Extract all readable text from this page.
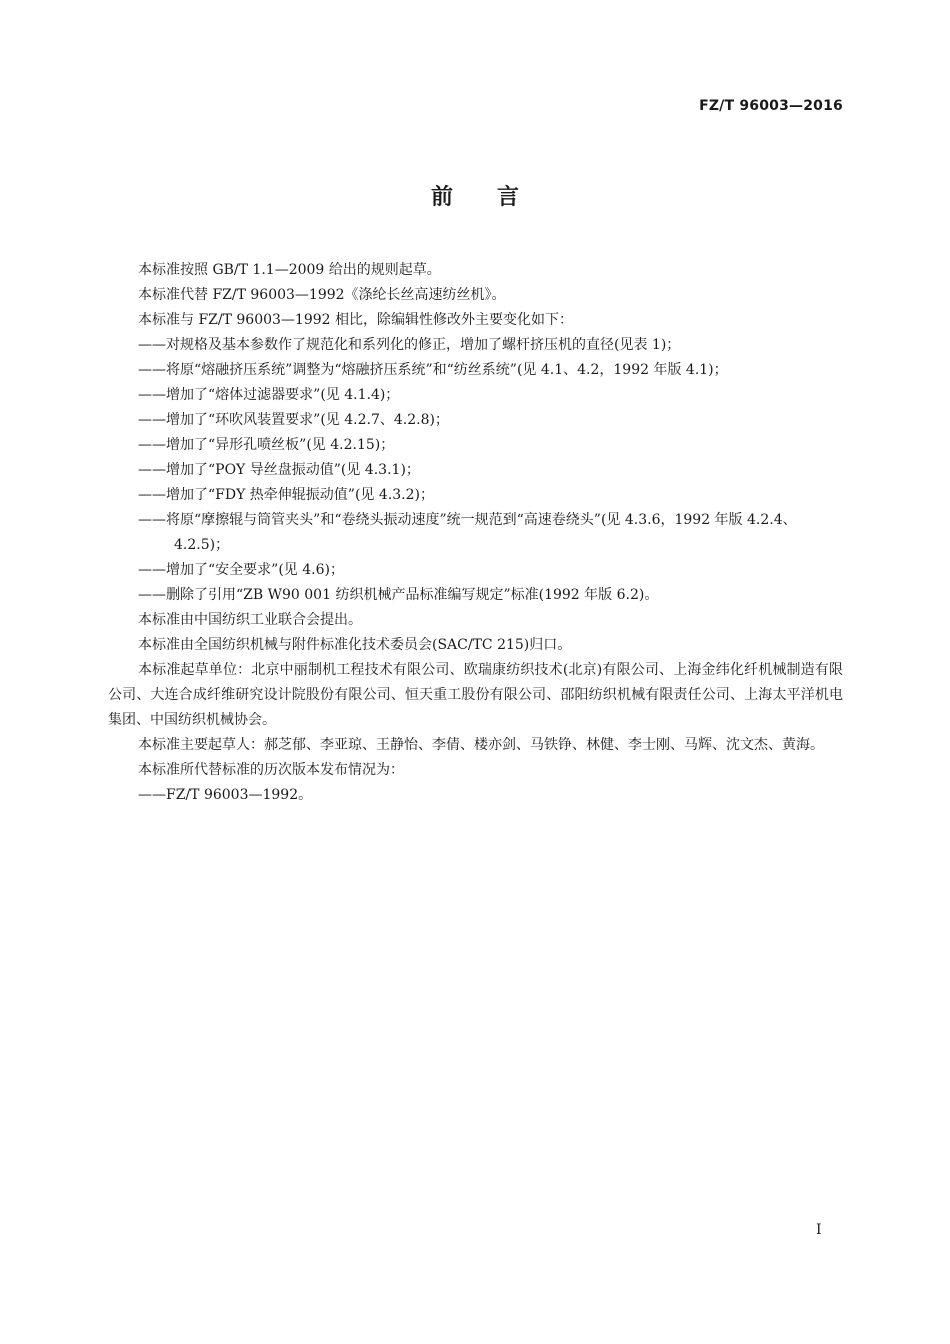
FZ/T 96003—2016
前　　言

本标准按照 GB/T 1.1—2009 给出的规则起草。

本标准代替 FZ/T 96003—1992《涤纶长丝高速纺丝机》。

本标准与 FZ/T 96003—1992 相比，除编辑性修改外主要变化如下：

——对规格及基本参数作了规范化和系列化的修正，增加了螺杆挤压机的直径(见表 1)；

——将原“熔融挤压系统”调整为“熔融挤压系统”和“纺丝系统”(见 4.1、4.2，1992 年版 4.1)；

——增加了“熔体过滤器要求”(见 4.1.4)；

——增加了“环吹风装置要求”(见 4.2.7、4.2.8)；

——增加了“异形孔喷丝板”(见 4.2.15)；

——增加了“POY 导丝盘振动值”(见 4.3.1)；

——增加了“FDY 热牵伸辊振动值”(见 4.3.2)；

——将原“摩擦辊与筒管夹头”和“卷绕头振动速度”统一规范到“高速卷绕头”(见 4.3.6，1992 年版 4.2.4、4.2.5)；

——增加了“安全要求”(见 4.6)；

——删除了引用“ZB W90 001 纺织机械产品标准编写规定”标准(1992 年版 6.2)。

本标准由中国纺织工业联合会提出。

本标准由全国纺织机械与附件标准化技术委员会(SAC/TC 215)归口。

本标准起草单位：北京中丽制机工程技术有限公司、欧瑞康纺织技术(北京)有限公司、上海金纬化纤机械制造有限公司、大连合成纤维研究设计院股份有限公司、恒天重工股份有限公司、邵阳纺织机械有限责任公司、上海太平洋机电集团、中国纺织机械协会。

本标准主要起草人：郝芝郁、李亚琼、王静怡、李倩、楼亦剑、马铁铮、林健、李士刚、马辉、沈文杰、黄海。

本标准所代替标准的历次版本发布情况为：

——FZ/T 96003—1992。

I
